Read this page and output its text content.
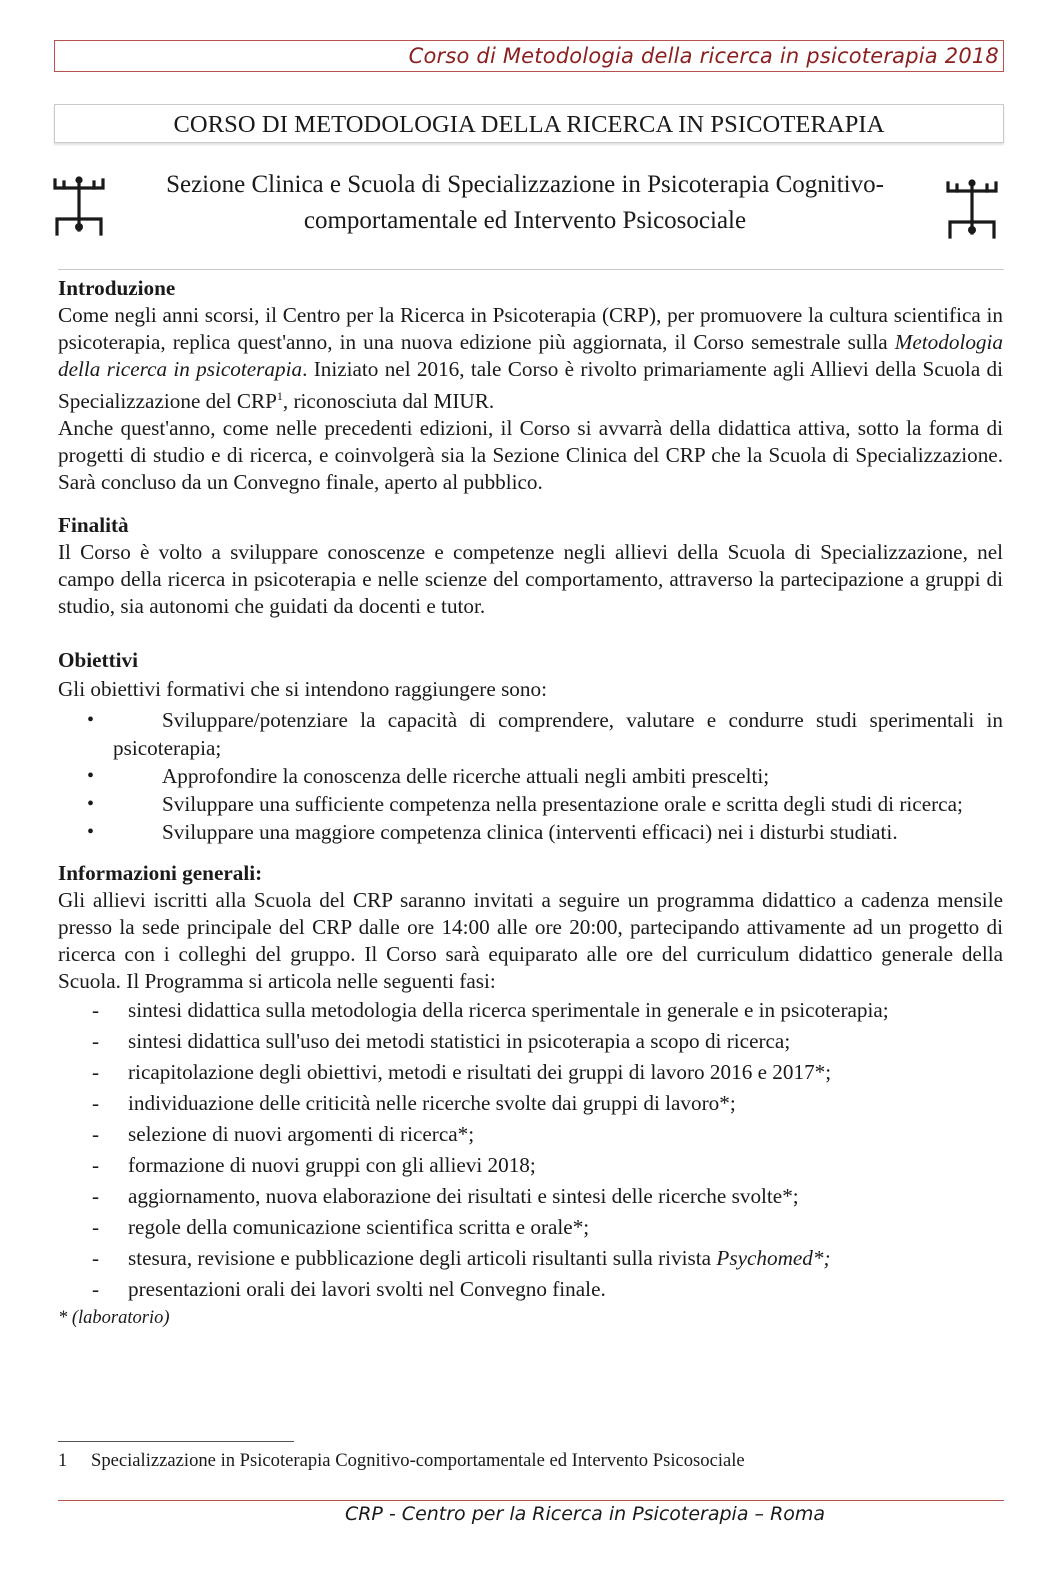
Corso di Metodologia della ricerca in psicoterapia 2018
CORSO DI METODOLOGIA DELLA RICERCA IN PSICOTERAPIA
Sezione Clinica e Scuola di Specializzazione in Psicoterapia Cognitivo-
comportamentale ed Intervento Psicosociale
Introduzione

Come negli anni scorsi, il Centro per la Ricerca in Psicoterapia (CRP), per promuovere la cultura scientifica in psicoterapia, replica quest'anno, in una nuova edizione più aggiornata, il Corso semestrale sulla Metodologia della ricerca in psicoterapia. Iniziato nel 2016, tale Corso è rivolto primariamente agli Allievi della Scuola di Specializzazione del CRP$^1$, riconosciuta dal MIUR.

Anche quest'anno, come nelle precedenti edizioni, il Corso si avvarrà della didattica attiva, sotto la forma di progetti di studio e di ricerca, e coinvolgerà sia la Sezione Clinica del CRP che la Scuola di Specializzazione. Sarà concluso da un Convegno finale, aperto al pubblico.

Finalità

Il Corso è volto a sviluppare conoscenze e competenze negli allievi della Scuola di Specializzazione, nel campo della ricerca in psicoterapia e nelle scienze del comportamento, attraverso la partecipazione a gruppi di studio, sia autonomi che guidati da docenti e tutor.

Obiettivi

Gli obiettivi formativi che si intendono raggiungere sono:

•	Sviluppare/potenziare la capacità di comprendere, valutare e condurre studi sperimentali in psicoterapia;
•	Approfondire la conoscenza delle ricerche attuali negli ambiti prescelti;
•	Sviluppare una sufficiente competenza nella presentazione orale e scritta degli studi di ricerca;
•	Sviluppare una maggiore competenza clinica (interventi efficaci) nei i disturbi studiati.
Informazioni generali:

Gli allievi iscritti alla Scuola del CRP saranno invitati a seguire un programma didattico a cadenza mensile presso la sede principale del CRP dalle ore 14:00 alle ore 20:00, partecipando attivamente ad un progetto di ricerca con i colleghi del gruppo. Il Corso sarà equiparato alle ore del curriculum didattico generale della Scuola. Il Programma si articola nelle seguenti fasi:

- sintesi didattica sulla metodologia della ricerca sperimentale in generale e in psicoterapia;
- sintesi didattica sull'uso dei metodi statistici in psicoterapia a scopo di ricerca;
- ricapitolazione degli obiettivi, metodi e risultati dei gruppi di lavoro 2016 e 2017*;
- individuazione delle criticità nelle ricerche svolte dai gruppi di lavoro*;
- selezione di nuovi argomenti di ricerca*;
- formazione di nuovi gruppi con gli allievi 2018;
- aggiornamento, nuova elaborazione dei risultati e sintesi delle ricerche svolte*;
- regole della comunicazione scientifica scritta e orale*;
- stesura, revisione e pubblicazione degli articoli risultanti sulla rivista Psychomed*;
- presentazioni orali dei lavori svolti nel Convegno finale.

* (laboratorio)

1 Specializzazione in Psicoterapia Cognitivo-comportamentale ed Intervento Psicosociale
CRP - Centro per la Ricerca in Psicoterapia – Roma
